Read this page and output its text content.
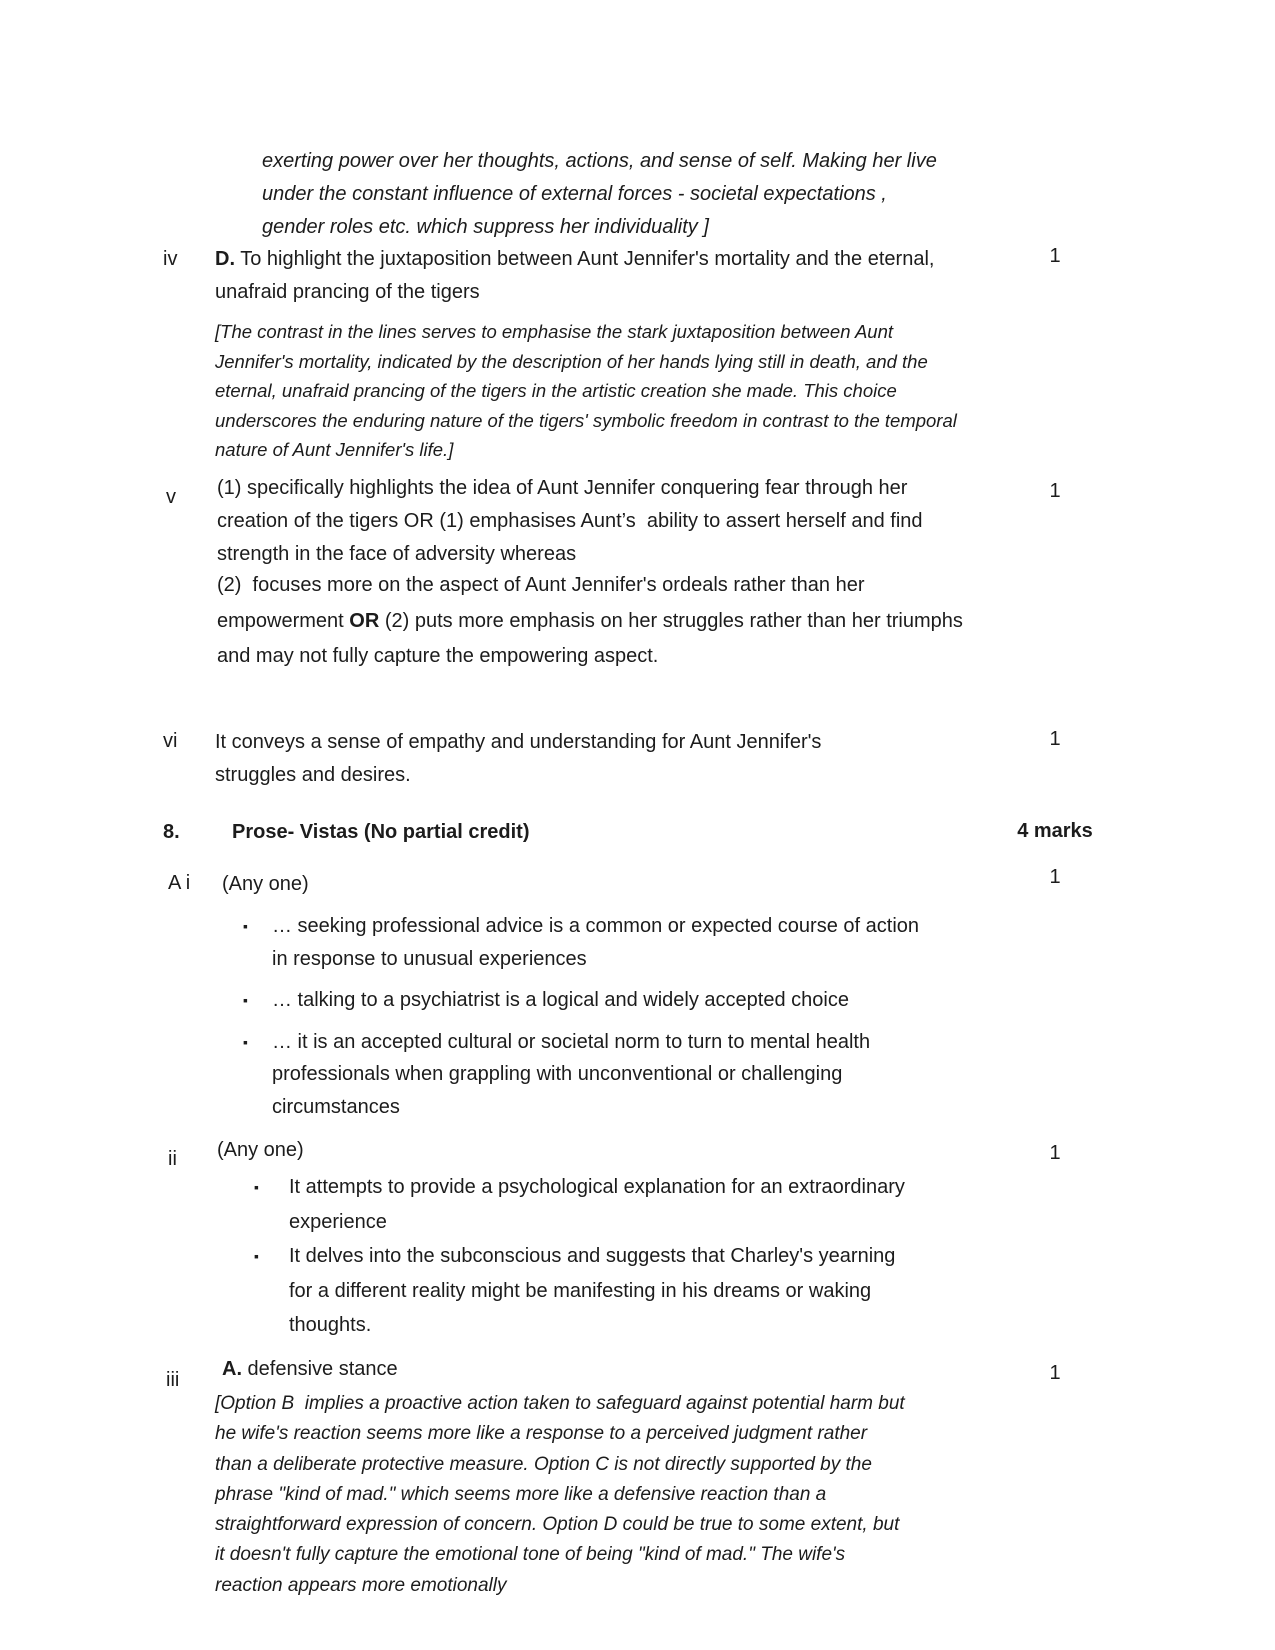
exerting power over her thoughts, actions, and sense of self. Making her live under the constant influence of external forces - societal expectations ,  gender roles etc. which suppress her individuality ]
iv D. To highlight the juxtaposition between Aunt Jennifer's mortality and the eternal, unafraid prancing of the tigers
1
[The contrast in the lines serves to emphasise the stark juxtaposition between Aunt Jennifer's mortality, indicated by the description of her hands lying still in death, and the eternal, unafraid prancing of the tigers in the artistic creation she made. This choice underscores the enduring nature of the tigers' symbolic freedom in contrast to the temporal nature of Aunt Jennifer's life.]
v (1) specifically highlights the idea of Aunt Jennifer conquering fear through her creation of the tigers OR (1) emphasises Aunt’s  ability to assert herself and find strength in the face of adversity whereas
(2)  focuses more on the aspect of Aunt Jennifer's ordeals rather than her empowerment OR (2) puts more emphasis on her struggles rather than her triumphs and may not fully capture the empowering aspect.
1
vi It conveys a sense of empathy and understanding for Aunt Jennifer's struggles and desires.
1
8.	Prose- Vistas (No partial credit)	4 marks
A i (Any one)	1
▪	… seeking professional advice is a common or expected course of action in response to unusual experiences
▪	… talking to a psychiatrist is a logical and widely accepted choice
▪	… it is an accepted cultural or societal norm to turn to mental health professionals when grappling with unconventional or challenging circumstances
ii (Any one)	1
▪	It attempts to provide a psychological explanation for an extraordinary experience
▪	It delves into the subconscious and suggests that Charley's yearning for a different reality might be manifesting in his dreams or waking thoughts.
iii A. defensive stance	1
[Option B  implies a proactive action taken to safeguard against potential harm but he wife's reaction seems more like a response to a perceived judgment rather than a deliberate protective measure. Option C is not directly supported by the phrase "kind of mad." which seems more like a defensive reaction than a straightforward expression of concern. Option D could be true to some extent, but it doesn't fully capture the emotional tone of being "kind of mad." The wife's reaction appears more emotionally
